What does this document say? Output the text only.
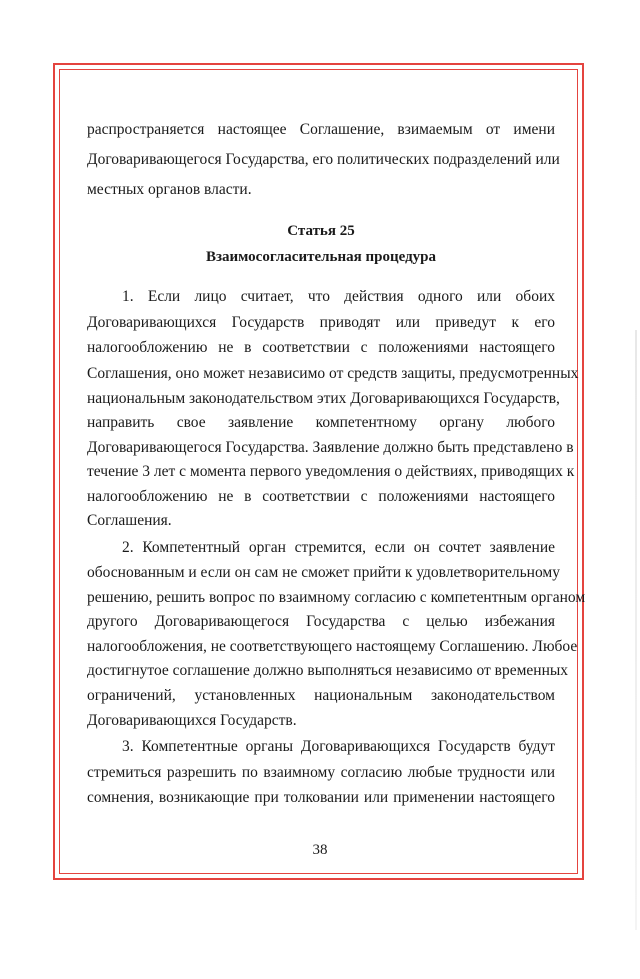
распространяется настоящее Соглашение, взимаемым от имени
Договаривающегося Государства, его политических подразделений или
местных органов власти.
Статья 25
Взаимосогласительная процедура
1. Если лицо считает, что действия одного или обоих
Договаривающихся Государств приводят или приведут к его
налогообложению не в соответствии с положениями настоящего
Соглашения, оно может независимо от средств защиты, предусмотренных
национальным законодательством этих Договаривающихся Государств,
направить свое заявление компетентному органу любого
Договаривающегося Государства. Заявление должно быть представлено в
течение 3 лет с момента первого уведомления о действиях, приводящих к
налогообложению не в соответствии с положениями настоящего
Соглашения.
2. Компетентный орган стремится, если он сочтет заявление
обоснованным и если он сам не сможет прийти к удовлетворительному
решению, решить вопрос по взаимному согласию с компетентным органом
другого Договаривающегося Государства с целью избежания
налогообложения, не соответствующего настоящему Соглашению. Любое
достигнутое соглашение должно выполняться независимо от временных
ограничений, установленных национальным законодательством
Договаривающихся Государств.
3. Компетентные органы Договаривающихся Государств будут
стремиться разрешить по взаимному согласию любые трудности или
сомнения, возникающие при толковании или применении настоящего
38
